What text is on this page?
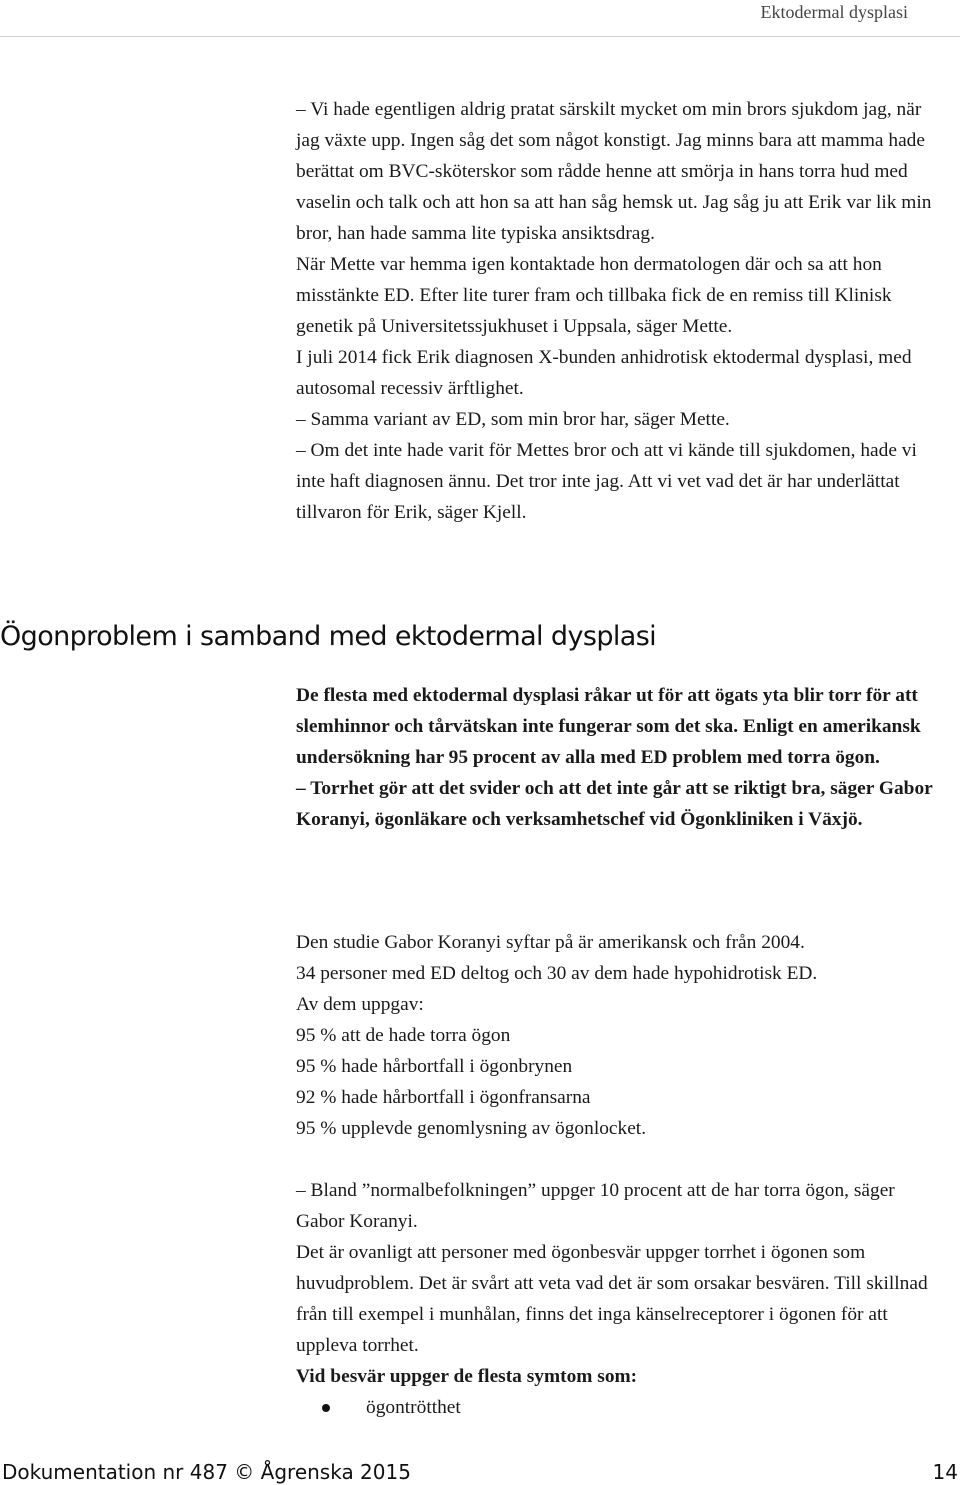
Ektodermal dysplasi

– Vi hade egentligen aldrig pratat särskilt mycket om min brors sjukdom jag, när jag växte upp. Ingen såg det som något konstigt. Jag minns bara att mamma hade berättat om BVC-sköterskor som rådde henne att smörja in hans torra hud med vaselin och talk och att hon sa att han såg hemsk ut. Jag såg ju att Erik var lik min bror, han hade samma lite typiska ansiktsdrag.

När Mette var hemma igen kontaktade hon dermatologen där och sa att hon misstänkte ED. Efter lite turer fram och tillbaka fick de en remiss till Klinisk genetik på Universitetssjukhuset i Uppsala, säger Mette.

I juli 2014 fick Erik diagnosen X-bunden anhidrotisk ektodermal dysplasi, med autosomal recessiv ärftlighet.

– Samma variant av ED, som min bror har, säger Mette.

– Om det inte hade varit för Mettes bror och att vi kände till sjukdomen, hade vi inte haft diagnosen ännu. Det tror inte jag. Att vi vet vad det är har underlättat tillvaron för Erik, säger Kjell.

Ögonproblem i samband med ektodermal dysplasi

De flesta med ektodermal dysplasi råkar ut för att ögats yta blir torr för att slemhinnor och tårvätskan inte fungerar som det ska. Enligt en amerikansk undersökning har 95 procent av alla med ED problem med torra ögon.

– Torrhet gör att det svider och att det inte går att se riktigt bra, säger Gabor Koranyi, ögonläkare och verksamhetschef vid Ögonkliniken i Växjö.

Den studie Gabor Koranyi syftar på är amerikansk och från 2004.

34 personer med ED deltog och 30 av dem hade hypohidrotisk ED.

Av dem uppgav:

95 % att de hade torra ögon

95 % hade hårbortfall i ögonbrynen

92 % hade hårbortfall i ögonfransarna

95 % upplevde genomlysning av ögonlocket.

– Bland ”normalbefolkningen” uppger 10 procent att de har torra ögon, säger Gabor Koranyi.

Det är ovanligt att personer med ögonbesvär uppger torrhet i ögonen som huvudproblem. Det är svårt att veta vad det är som orsakar besvären. Till skillnad från till exempel i munhålan, finns det inga känselreceptorer i ögonen för att uppleva torrhet.

Vid besvär uppger de flesta symtom som:

ögontrötthet
Dokumentation nr 487 © Ågrenska 2015	14
